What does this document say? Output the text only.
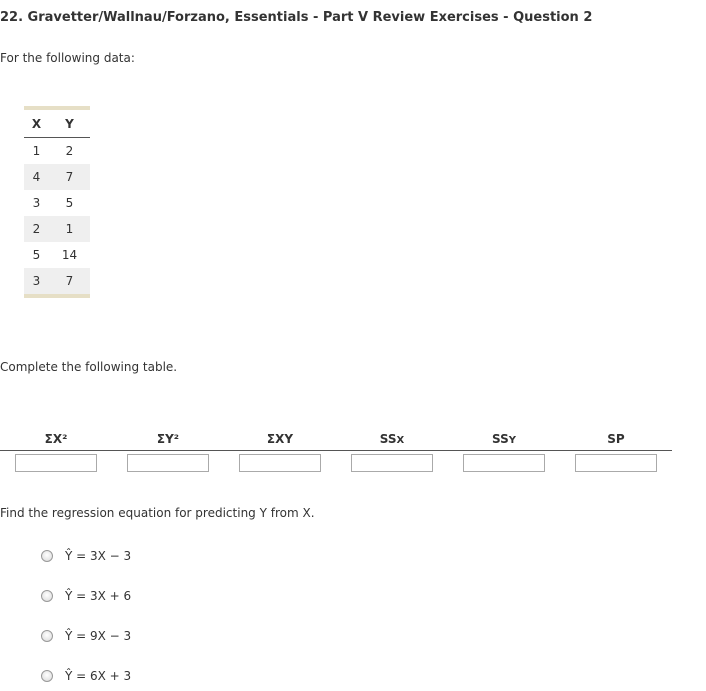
22. Gravetter/Wallnau/Forzano, Essentials - Part V Review Exercises - Question 2
For the following data:

X	Y
1	2
4	7
3	5
2	1
5	14
3	7

Complete the following table.
ΣX²	ΣY²	ΣXY	SSX	SSY	SP
Find the regression equation for predicting Y from X.
Ŷ = 3X − 3
Ŷ = 3X + 6
Ŷ = 9X − 3
Ŷ = 6X + 3
